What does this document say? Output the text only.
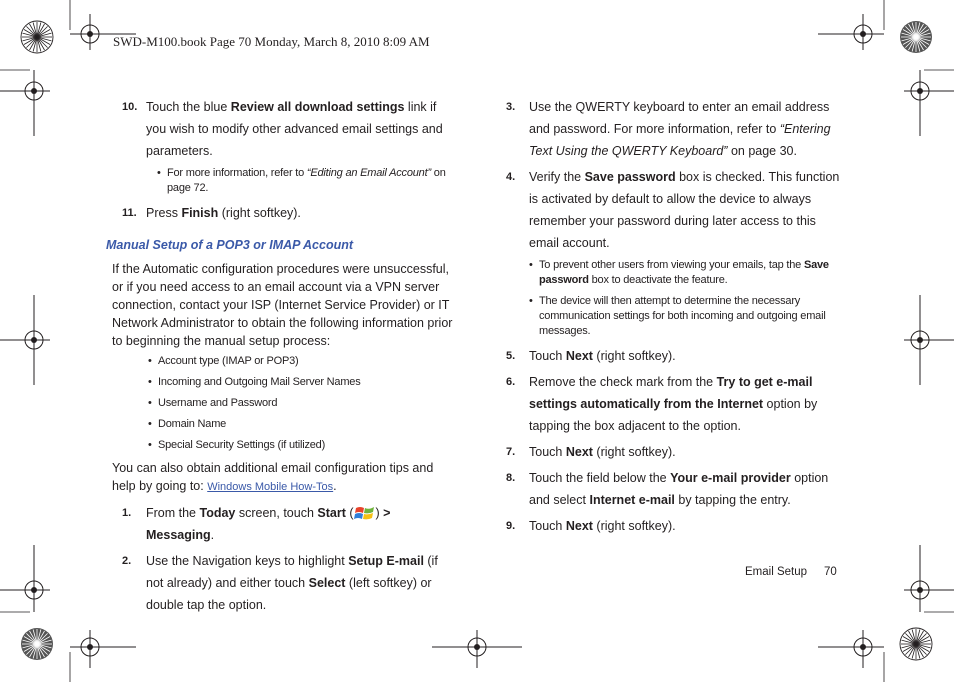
SWD-M100.book Page 70 Monday, March 8, 2010 8:09 AM
10. Touch the blue Review all download settings link if you wish to modify other advanced email settings and parameters.
• For more information, refer to “Editing an Email Account” on page 72.
11. Press Finish (right softkey).
Manual Setup of a POP3 or IMAP Account
If the Automatic configuration procedures were unsuccessful, or if you need access to an email account via a VPN server connection, contact your ISP (Internet Service Provider) or IT Network Administrator to obtain the following information prior to beginning the manual setup process:
• Account type (IMAP or POP3)
• Incoming and Outgoing Mail Server Names
• Username and Password
• Domain Name
• Special Security Settings (if utilized)
You can also obtain additional email configuration tips and help by going to: Windows Mobile How-Tos.
1. From the Today screen, touch Start ( ) > Messaging.
2. Use the Navigation keys to highlight Setup E-mail (if not already) and either touch Select (left softkey) or double tap the option.
3. Use the QWERTY keyboard to enter an email address and password. For more information, refer to “Entering Text Using the QWERTY Keyboard” on page 30.
4. Verify the Save password box is checked. This function is activated by default to allow the device to always remember your password during later access to this email account.
• To prevent other users from viewing your emails, tap the Save password box to deactivate the feature.
• The device will then attempt to determine the necessary communication settings for both incoming and outgoing email messages.
5. Touch Next (right softkey).
6. Remove the check mark from the Try to get e-mail settings automatically from the Internet option by tapping the box adjacent to the option.
7. Touch Next (right softkey).
8. Touch the field below the Your e-mail provider option and select Internet e-mail by tapping the entry.
9. Touch Next (right softkey).
Email Setup 70
